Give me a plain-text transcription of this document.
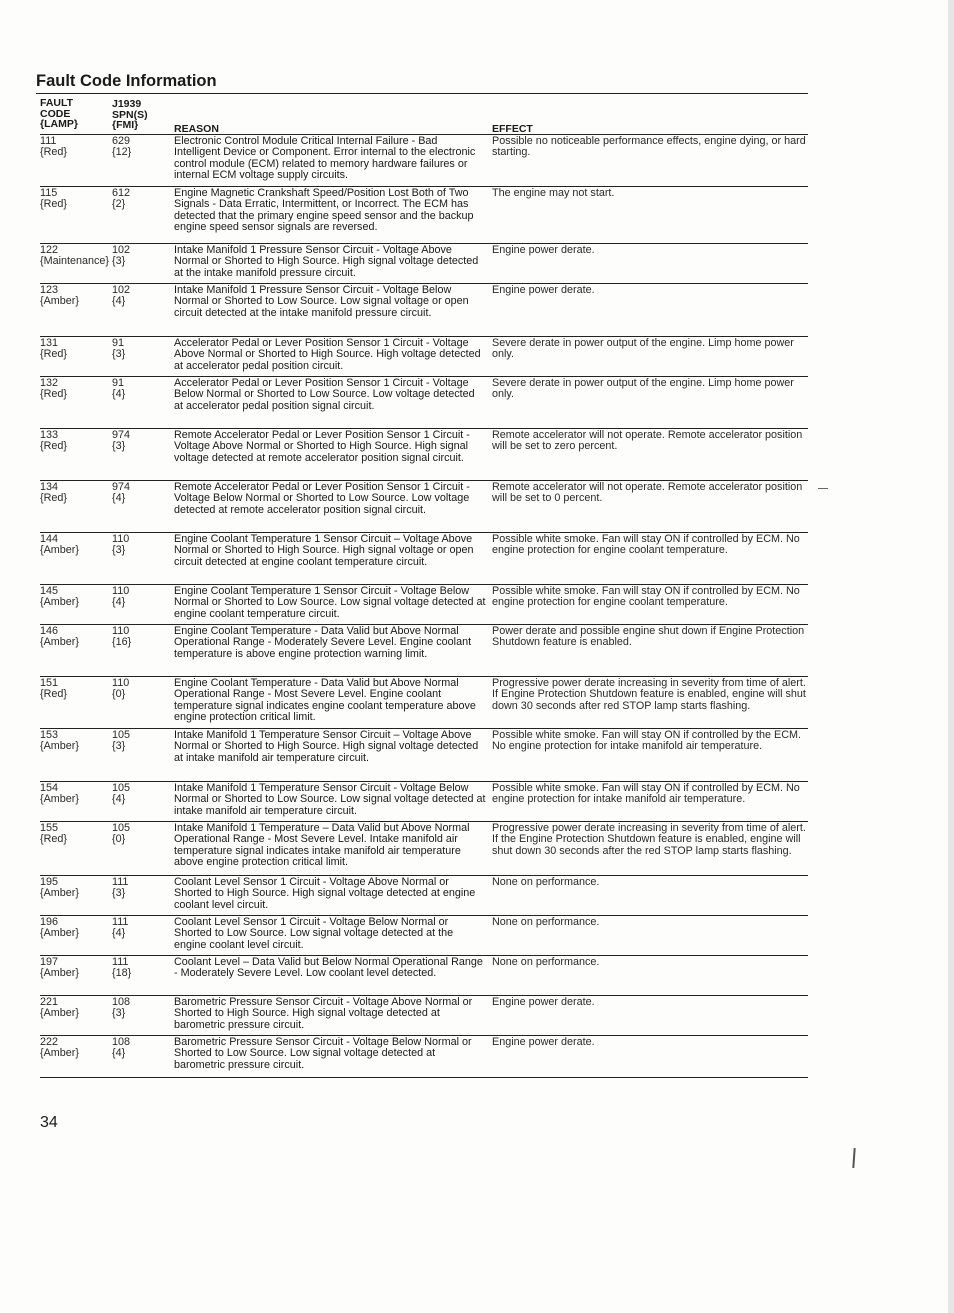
Fault Code Information
FAULT
CODE
{LAMP}
J1939
SPN(S)
{FMI}	REASON	EFFECT
111
{Red}
629
{12}
Electronic Control Module Critical Internal Failure - Bad Intelligent Device or Component. Error internal to the electronic control module (ECM) related to memory hardware failures or internal ECM voltage supply circuits.
Possible no noticeable performance effects, engine dying, or hard starting.
115
{Red}
612
{2}
Engine Magnetic Crankshaft Speed/Position Lost Both of Two Signals - Data Erratic, Intermittent, or Incorrect. The ECM has detected that the primary engine speed sensor and the backup engine speed sensor signals are reversed.
The engine may not start.
122
{Maintenance}
102
{3}
Intake Manifold 1 Pressure Sensor Circuit - Voltage Above Normal or Shorted to High Source. High signal voltage detected at the intake manifold pressure circuit.
Engine power derate.
123
{Amber}
102
{4}
Intake Manifold 1 Pressure Sensor Circuit - Voltage Below Normal or Shorted to Low Source. Low signal voltage or open circuit detected at the intake manifold pressure circuit.
Engine power derate.
131
{Red}
91
{3}
Accelerator Pedal or Lever Position Sensor 1 Circuit - Voltage Above Normal or Shorted to High Source. High voltage detected at accelerator pedal position circuit.
Severe derate in power output of the engine. Limp home power only.
132
{Red}
91
{4}
Accelerator Pedal or Lever Position Sensor 1 Circuit - Voltage Below Normal or Shorted to Low Source. Low voltage detected at accelerator pedal position signal circuit.
Severe derate in power output of the engine. Limp home power only.
133
{Red}
974
{3}
Remote Accelerator Pedal or Lever Position Sensor 1 Circuit - Voltage Above Normal or Shorted to High Source. High signal voltage detected at remote accelerator position signal circuit.
Remote accelerator will not operate. Remote accelerator position will be set to zero percent.
134
{Red}
974
{4}
Remote Accelerator Pedal or Lever Position Sensor 1 Circuit - Voltage Below Normal or Shorted to Low Source. Low voltage detected at remote accelerator position signal circuit.
Remote accelerator will not operate. Remote accelerator position will be set to 0 percent.
144
{Amber}
110
{3}
Engine Coolant Temperature 1 Sensor Circuit – Voltage Above Normal or Shorted to High Source. High signal voltage or open circuit detected at engine coolant temperature circuit.
Possible white smoke. Fan will stay ON if controlled by ECM. No engine protection for engine coolant temperature.
145
{Amber}
110
{4}
Engine Coolant Temperature 1 Sensor Circuit - Voltage Below Normal or Shorted to Low Source. Low signal voltage detected at engine coolant temperature circuit.
Possible white smoke. Fan will stay ON if controlled by ECM. No engine protection for engine coolant temperature.
146
{Amber}
110
{16}
Engine Coolant Temperature - Data Valid but Above Normal Operational Range - Moderately Severe Level. Engine coolant temperature is above engine protection warning limit.
Power derate and possible engine shut down if Engine Protection Shutdown feature is enabled.
151
{Red}
110
{0}
Engine Coolant Temperature - Data Valid but Above Normal Operational Range - Most Severe Level. Engine coolant temperature signal indicates engine coolant temperature above engine protection critical limit.
Progressive power derate increasing in severity from time of alert. If Engine Protection Shutdown feature is enabled, engine will shut down 30 seconds after red STOP lamp starts flashing.
153
{Amber}
105
{3}
Intake Manifold 1 Temperature Sensor Circuit – Voltage Above Normal or Shorted to High Source. High signal voltage detected at intake manifold air temperature circuit.
Possible white smoke. Fan will stay ON if controlled by the ECM. No engine protection for intake manifold air temperature.
154
{Amber}
105
{4}
Intake Manifold 1 Temperature Sensor Circuit - Voltage Below Normal or Shorted to Low Source. Low signal voltage detected at intake manifold air temperature circuit.
Possible white smoke. Fan will stay ON if controlled by ECM. No engine protection for intake manifold air temperature.
155
{Red}
105
{0}
Intake Manifold 1 Temperature – Data Valid but Above Normal Operational Range - Most Severe Level. Intake manifold air temperature signal indicates intake manifold air temperature above engine protection critical limit.
Progressive power derate increasing in severity from time of alert. If the Engine Protection Shutdown feature is enabled, engine will shut down 30 seconds after the red STOP lamp starts flashing.
195
{Amber}
111
{3}
Coolant Level Sensor 1 Circuit - Voltage Above Normal or Shorted to High Source. High signal voltage detected at engine coolant level circuit.
None on performance.
196
{Amber}
111
{4}
Coolant Level Sensor 1 Circuit - Voltage Below Normal or Shorted to Low Source. Low signal voltage detected at the engine coolant level circuit.
None on performance.
197
{Amber}
111
{18}
Coolant Level – Data Valid but Below Normal Operational Range - Moderately Severe Level. Low coolant level detected.
None on performance.
221
{Amber}
108
{3}
Barometric Pressure Sensor Circuit - Voltage Above Normal or Shorted to High Source. High signal voltage detected at barometric pressure circuit.
Engine power derate.
222
{Amber}
108
{4}
Barometric Pressure Sensor Circuit - Voltage Below Normal or Shorted to Low Source. Low signal voltage detected at barometric pressure circuit.
Engine power derate.
34
